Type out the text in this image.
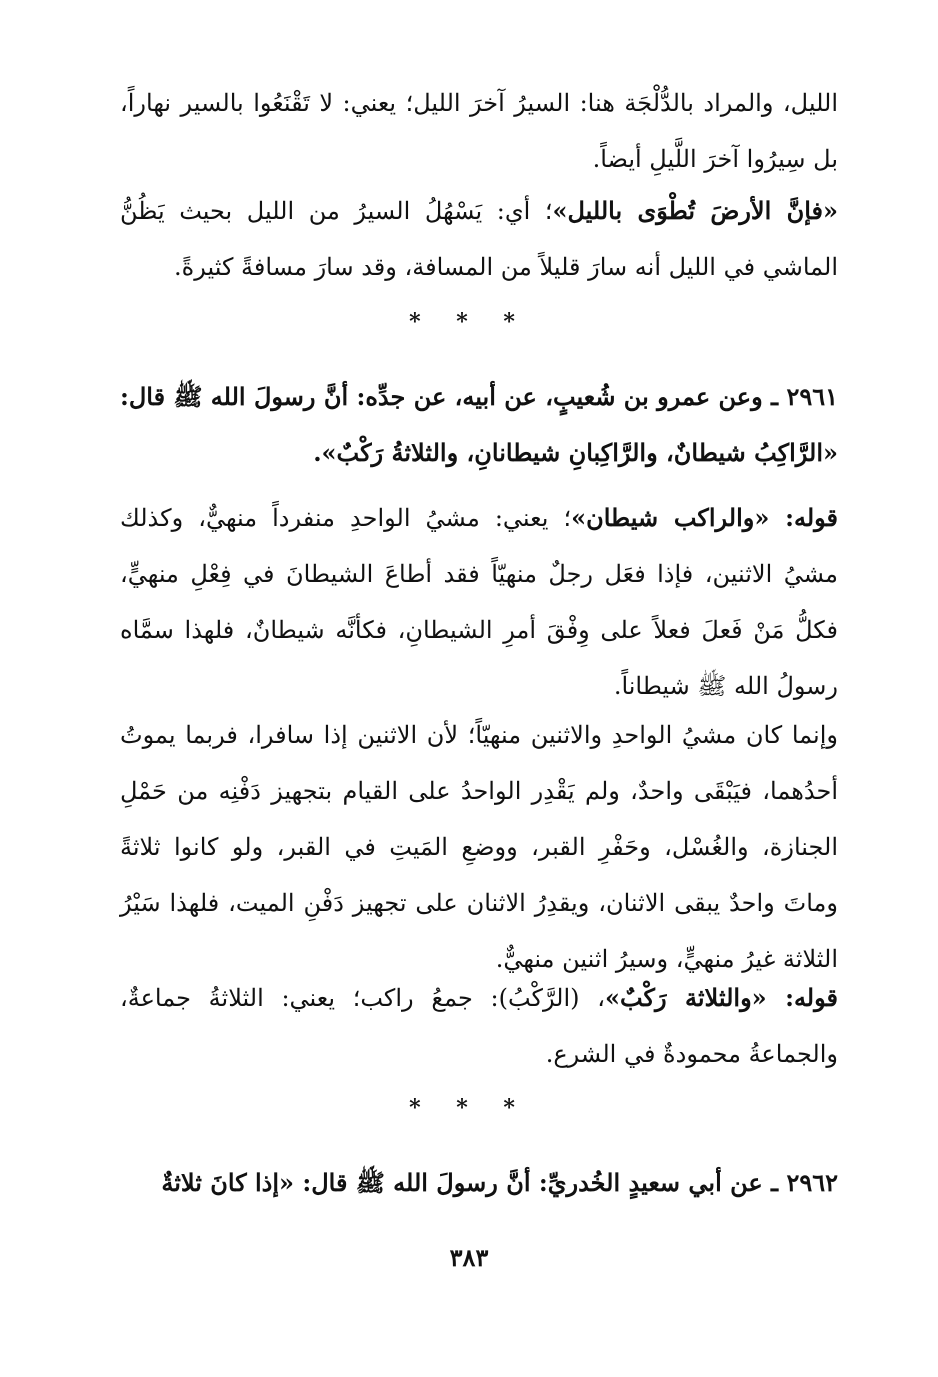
الليل، والمراد بالدُّلْجَة هنا: السيرُ آخرَ الليل؛ يعني: لا تَقْنَعُوا بالسير نهاراً، بل سِيرُوا آخرَ اللَّيلِ أيضاً.

«فإنَّ الأرضَ تُطْوَى بالليل»؛ أي: يَسْهُلُ السيرُ من الليل بحيث يَظُنُّ الماشي في الليل أنه سارَ قليلاً من المسافة، وقد سارَ مسافةً كثيرةً.

* * *

٢٩٦١ ـ وعن عمرو بن شُعيبٍ، عن أبيه، عن جدِّه: أنَّ رسولَ الله ﷺ قال: «الرَّاكِبُ شيطانٌ، والرَّاكِبانِ شيطانانِ، والثلاثةُ رَكْبٌ».

قوله: «والراكب شيطان»؛ يعني: مشيُ الواحدِ منفرداً منهيٌّ، وكذلك مشيُ الاثنين، فإذا فعَل رجلٌ منهيّاً فقد أطاعَ الشيطانَ في فِعْلِ منهيٍّ، فكلُّ مَنْ فَعلَ فعلاً على وِفْقَ أمرِ الشيطانِ، فكأنَّه شيطانٌ، فلهذا سمَّاه رسولُ الله ﷺ شيطاناً.

وإنما كان مشيُ الواحدِ والاثنين منهيّاً؛ لأن الاثنين إذا سافرا، فربما يموتُ أحدُهما، فيَبْقَى واحدٌ، ولم يَقْدِر الواحدُ على القيام بتجهيز دَفْنِه من حَمْلِ الجنازة، والغُسْل، وحَفْرِ القبر، ووضعِ المَيتِ في القبر، ولو كانوا ثلاثةً وماتَ واحدٌ يبقى الاثنان، ويقدِرُ الاثنان على تجهيز دَفْنِ الميت، فلهذا سَيْرُ الثلاثة غيرُ منهيٍّ، وسيرُ اثنين منهيٌّ.

قوله: «والثلاثة رَكْبٌ»، (الرَّكْبُ): جمعُ راكب؛ يعني: الثلاثةُ جماعةٌ، والجماعةُ محمودةٌ في الشرع.

* * *

٢٩٦٢ ـ عن أبي سعيدٍ الخُدريِّ: أنَّ رسولَ الله ﷺ قال: «إذا كانَ ثلاثةٌ

٣٨٣
